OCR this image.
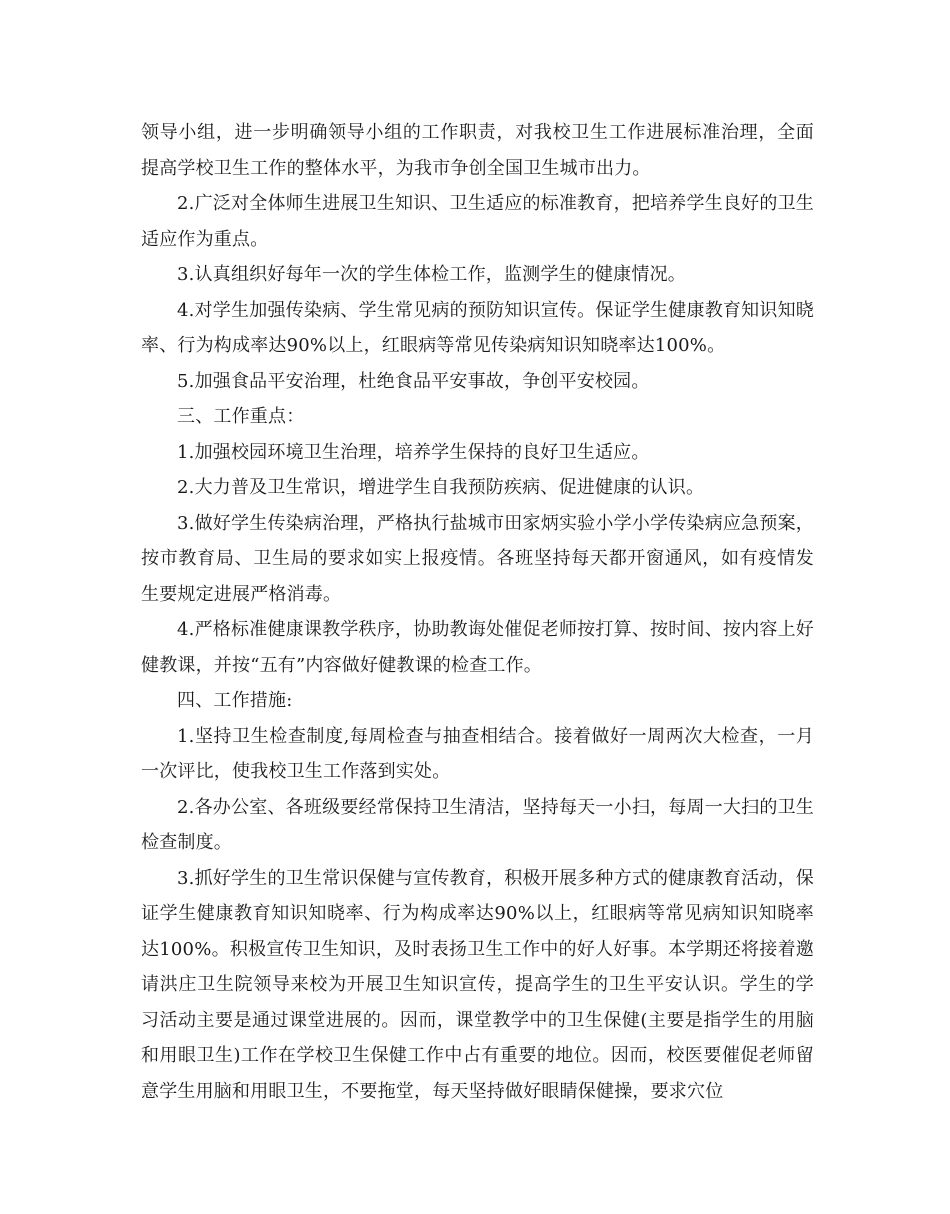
领导小组，进一步明确领导小组的工作职责，对我校卫生工作进展标准治理，全面提高学校卫生工作的整体水平，为我市争创全国卫生城市出力。

2.广泛对全体师生进展卫生知识、卫生适应的标准教育，把培养学生良好的卫生适应作为重点。

3.认真组织好每年一次的学生体检工作，监测学生的健康情况。

4.对学生加强传染病、学生常见病的预防知识宣传。保证学生健康教育知识知晓率、行为构成率达90%以上，红眼病等常见传染病知识知晓率达100%。

5.加强食品平安治理，杜绝食品平安事故，争创平安校园。

三、工作重点：

1.加强校园环境卫生治理，培养学生保持的良好卫生适应。

2.大力普及卫生常识，增进学生自我预防疾病、促进健康的认识。

3.做好学生传染病治理，严格执行盐城市田家炳实验小学小学传染病应急预案，按市教育局、卫生局的要求如实上报疫情。各班坚持每天都开窗通风，如有疫情发生要规定进展严格消毒。

4.严格标准健康课教学秩序，协助教诲处催促老师按打算、按时间、按内容上好健教课，并按“五有”内容做好健教课的检查工作。

四、工作措施:

1.坚持卫生检查制度,每周检查与抽查相结合。接着做好一周两次大检查，一月一次评比，使我校卫生工作落到实处。

2.各办公室、各班级要经常保持卫生清洁，坚持每天一小扫，每周一大扫的卫生检查制度。

3.抓好学生的卫生常识保健与宣传教育，积极开展多种方式的健康教育活动，保证学生健康教育知识知晓率、行为构成率达90%以上，红眼病等常见病知识知晓率达100%。积极宣传卫生知识，及时表扬卫生工作中的好人好事。本学期还将接着邀请洪庄卫生院领导来校为开展卫生知识宣传，提高学生的卫生平安认识。学生的学习活动主要是通过课堂进展的。因而，课堂教学中的卫生保健(主要是指学生的用脑和用眼卫生)工作在学校卫生保健工作中占有重要的地位。因而，校医要催促老师留意学生用脑和用眼卫生，不要拖堂，每天坚持做好眼睛保健操，要求穴位
